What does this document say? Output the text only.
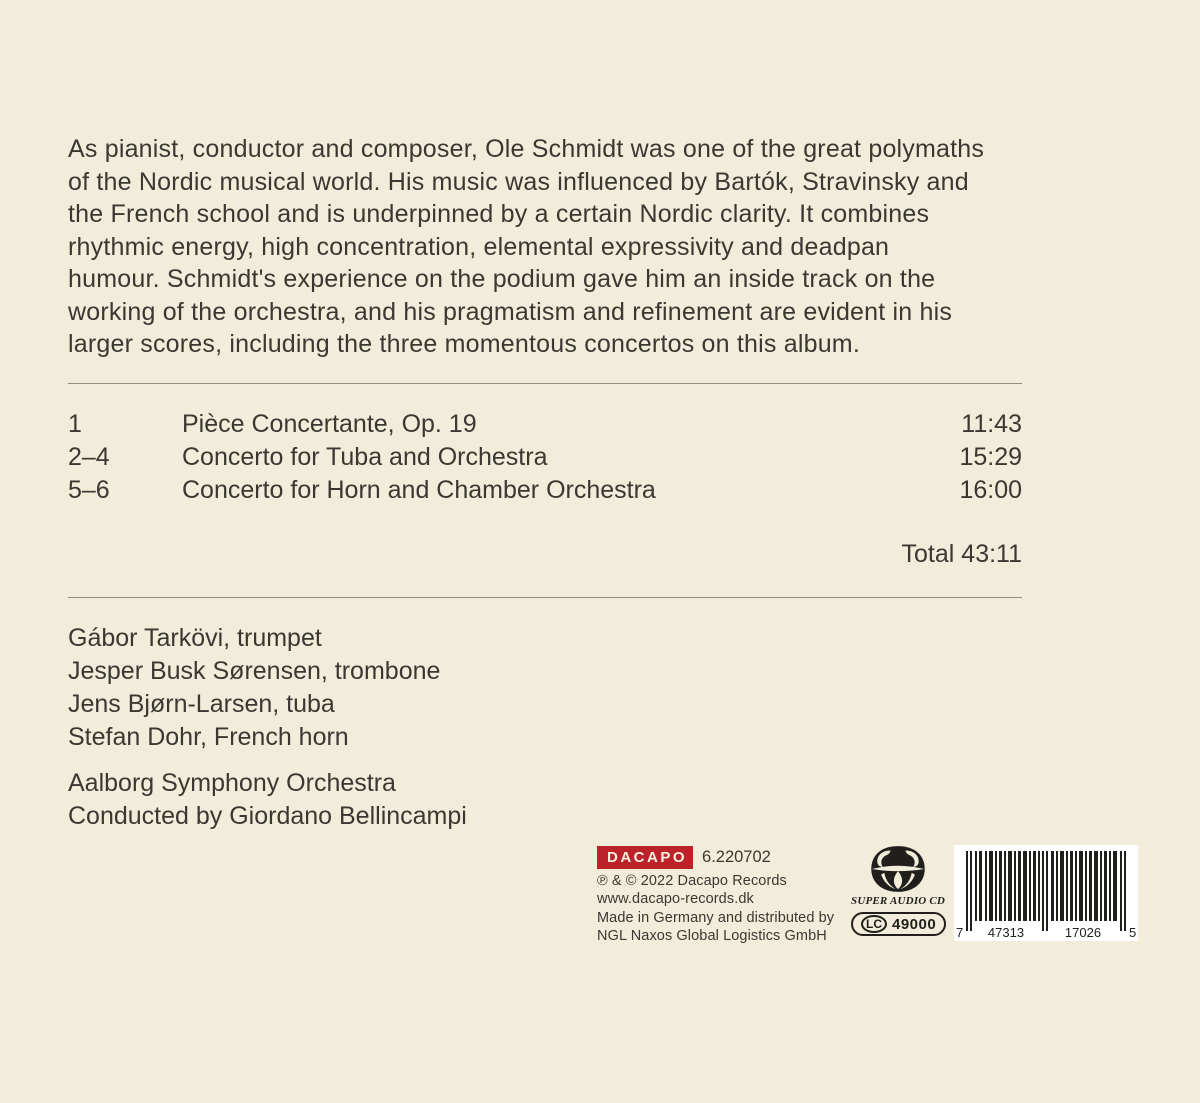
As pianist, conductor and composer, Ole Schmidt was one of the great polymaths
of the Nordic musical world. His music was influenced by Bartók, Stravinsky and
the French school and is underpinned by a certain Nordic clarity. It combines
rhythmic energy, high concentration, elemental expressivity and deadpan
humour. Schmidt's experience on the podium gave him an inside track on the
working of the orchestra, and his pragmatism and refinement are evident in his
larger scores, including the three momentous concertos on this album.
1	Pièce Concertante, Op. 19	11:43
2–4	Concerto for Tuba and Orchestra	15:29
5–6	Concerto for Horn and Chamber Orchestra	16:00
Total 43:11
Gábor Tarkövi, trumpet
Jesper Busk Sørensen, trombone
Jens Bjørn-Larsen, tuba
Stefan Dohr, French horn
Aalborg Symphony Orchestra
Conducted by Giordano Bellincampi
DACAPO 6.220702
℗ & © 2022 Dacapo Records
www.dacapo-records.dk
Made in Germany and distributed by
NGL Naxos Global Logistics GmbH
SUPER AUDIO CD
LC 49000 7 47313	17026 5
